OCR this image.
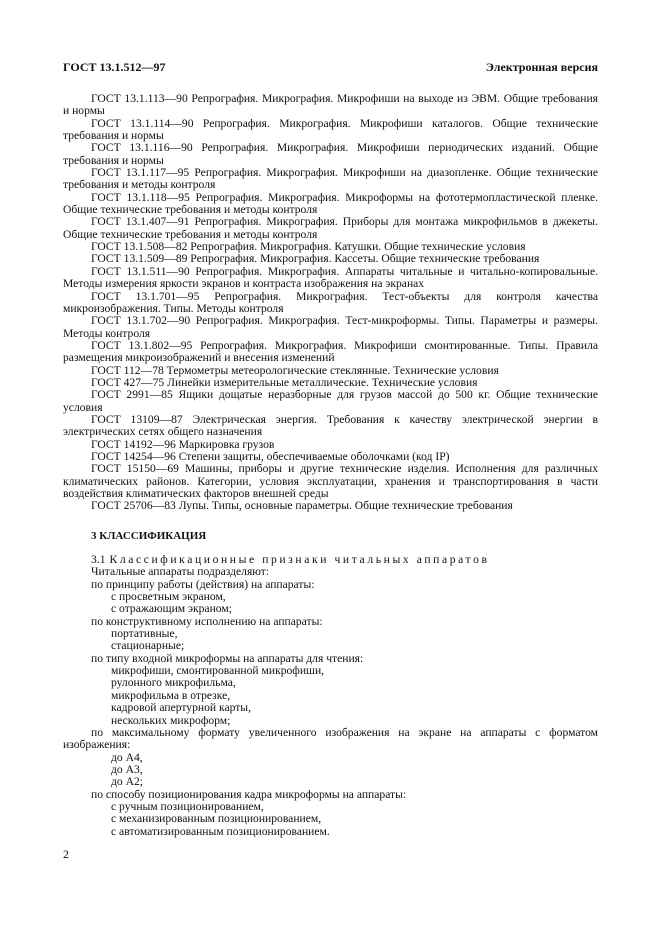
ГОСТ 13.1.512—97	Электронная версия

ГОСТ 13.1.113—90 Репрография. Микрография. Микрофиши на выходе из ЭВМ. Общие требования и нормы

ГОСТ 13.1.114—90 Репрография. Микрография. Микрофиши каталогов. Общие технические требования и нормы

ГОСТ 13.1.116—90 Репрография. Микрография. Микрофиши периодических изданий. Общие требования и нормы

ГОСТ 13.1.117—95 Репрография. Микрография. Микрофиши на диазопленке. Общие технические требования и методы контроля

ГОСТ 13.1.118—95 Репрография. Микрография. Микроформы на фототермопластической пленке. Общие технические требования и методы контроля

ГОСТ 13.1.407—91 Репрография. Микрография. Приборы для монтажа микрофильмов в джекеты. Общие технические требования и методы контроля

ГОСТ 13.1.508—82 Репрография. Микрография. Катушки. Общие технические условия

ГОСТ 13.1.509—89 Репрография. Микрография. Кассеты. Общие технические требования

ГОСТ 13.1.511—90 Репрография. Микрография. Аппараты читальные и читально-копировальные. Методы измерения яркости экранов и контраста изображения на экранах

ГОСТ 13.1.701—95 Репрография. Микрография. Тест-объекты для контроля качества микроизображения. Типы. Методы контроля

ГОСТ 13.1.702—90 Репрография. Микрография. Тест-микроформы. Типы. Параметры и размеры. Методы контроля

ГОСТ 13.1.802—95 Репрография. Микрография. Микрофиши смонтированные. Типы. Правила размещения микроизображений и внесения изменений

ГОСТ 112—78 Термометры метеорологические стеклянные. Технические условия

ГОСТ 427—75 Линейки измерительные металлические. Технические условия

ГОСТ 2991—85 Ящики дощатые неразборные для грузов массой до 500 кг. Общие технические условия

ГОСТ 13109—87 Электрическая энергия. Требования к качеству электрической энергии в электрических сетях общего назначения

ГОСТ 14192—96 Маркировка грузов

ГОСТ 14254—96 Степени защиты, обеспечиваемые оболочками (код IP)

ГОСТ 15150—69 Машины, приборы и другие технические изделия. Исполнения для различных климатических районов. Категории, условия эксплуатации, хранения и транспортирования в части воздействия климатических факторов внешней среды

ГОСТ 25706—83 Лупы. Типы, основные параметры. Общие технические требования

3 КЛАССИФИКАЦИЯ

3.1 Классификационные признаки читальных аппаратов

Читальные аппараты подразделяют:

по принципу работы (действия) на аппараты:

с просветным экраном,

с отражающим экраном;

по конструктивному исполнению на аппараты:

портативные,

стационарные;

по типу входной микроформы на аппараты для чтения:

микрофиши, смонтированной микрофиши,

рулонного микрофильма,

микрофильма в отрезке,

кадровой апертурной карты,

нескольких микроформ;

по максимальному формату увеличенного изображения на экране на аппараты с форматом изображения:

до А4,

до А3,

до А2;

по способу позиционирования кадра микроформы на аппараты:

с ручным позиционированием,

с механизированным позиционированием,

с автоматизированным позиционированием.

2
